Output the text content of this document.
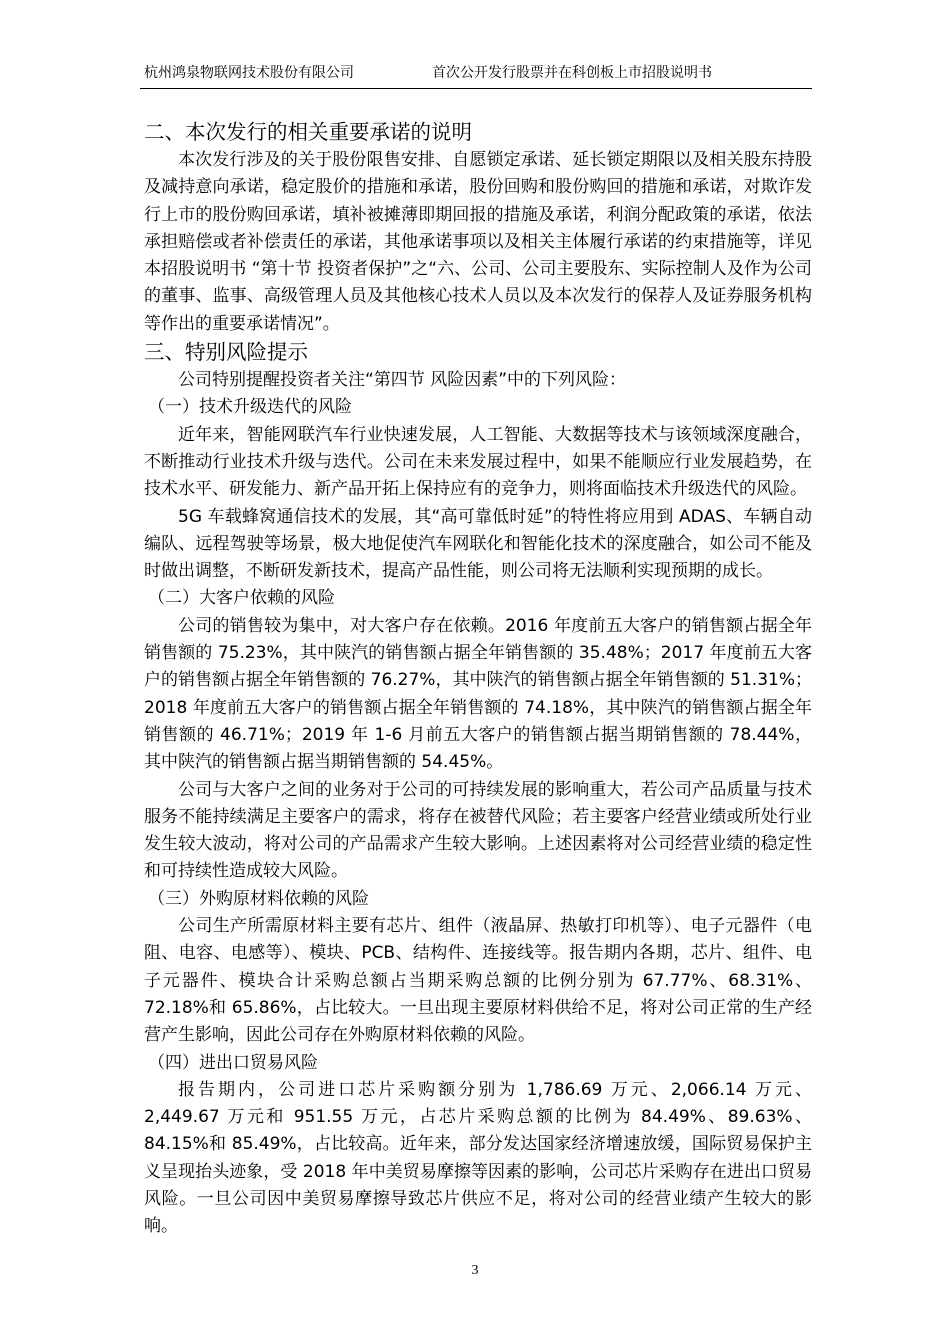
杭州鸿泉物联网技术股份有限公司	首次公开发行股票并在科创板上市招股说明书
二、本次发行的相关重要承诺的说明

本次发行涉及的关于股份限售安排、自愿锁定承诺、延长锁定期限以及相关股东持股及减持意向承诺，稳定股价的措施和承诺，股份回购和股份购回的措施和承诺，对欺诈发行上市的股份购回承诺，填补被摊薄即期回报的措施及承诺，利润分配政策的承诺，依法承担赔偿或者补偿责任的承诺，其他承诺事项以及相关主体履行承诺的约束措施等，详见本招股说明书 “第十节 投资者保护”之“六、公司、公司主要股东、实际控制人及作为公司的董事、监事、高级管理人员及其他核心技术人员以及本次发行的保荐人及证券服务机构等作出的重要承诺情况”。

三、特别风险提示

公司特别提醒投资者关注“第四节 风险因素”中的下列风险：

（一）技术升级迭代的风险

近年来，智能网联汽车行业快速发展，人工智能、大数据等技术与该领域深度融合，不断推动行业技术升级与迭代。公司在未来发展过程中，如果不能顺应行业发展趋势，在技术水平、研发能力、新产品开拓上保持应有的竞争力，则将面临技术升级迭代的风险。

5G 车载蜂窝通信技术的发展，其“高可靠低时延”的特性将应用到 ADAS、车辆自动编队、远程驾驶等场景，极大地促使汽车网联化和智能化技术的深度融合，如公司不能及时做出调整，不断研发新技术，提高产品性能，则公司将无法顺利实现预期的成长。

（二）大客户依赖的风险

公司的销售较为集中，对大客户存在依赖。2016 年度前五大客户的销售额占据全年销售额的 75.23%，其中陕汽的销售额占据全年销售额的 35.48%；2017 年度前五大客户的销售额占据全年销售额的 76.27%，其中陕汽的销售额占据全年销售额的 51.31%；2018 年度前五大客户的销售额占据全年销售额的 74.18%，其中陕汽的销售额占据全年销售额的 46.71%；2019 年 1-6 月前五大客户的销售额占据当期销售额的 78.44%，其中陕汽的销售额占据当期销售额的 54.45%。

公司与大客户之间的业务对于公司的可持续发展的影响重大，若公司产品质量与技术服务不能持续满足主要客户的需求，将存在被替代风险；若主要客户经营业绩或所处行业发生较大波动，将对公司的产品需求产生较大影响。上述因素将对公司经营业绩的稳定性和可持续性造成较大风险。

（三）外购原材料依赖的风险

公司生产所需原材料主要有芯片、组件（液晶屏、热敏打印机等）、电子元器件（电阻、电容、电感等）、模块、PCB、结构件、连接线等。报告期内各期，芯片、组件、电子元器件、模块合计采购总额占当期采购总额的比例分别为 67.77%、68.31%、72.18%和 65.86%，占比较大。一旦出现主要原材料供给不足，将对公司正常的生产经营产生影响，因此公司存在外购原材料依赖的风险。

（四）进出口贸易风险

报告期内，公司进口芯片采购额分别为 1,786.69 万元、2,066.14 万元、2,449.67 万元和 951.55 万元，占芯片采购总额的比例为 84.49%、89.63%、84.15%和 85.49%，占比较高。近年来，部分发达国家经济增速放缓，国际贸易保护主义呈现抬头迹象，受 2018 年中美贸易摩擦等因素的影响，公司芯片采购存在进出口贸易风险。一旦公司因中美贸易摩擦导致芯片供应不足，将对公司的经营业绩产生较大的影响。

3
